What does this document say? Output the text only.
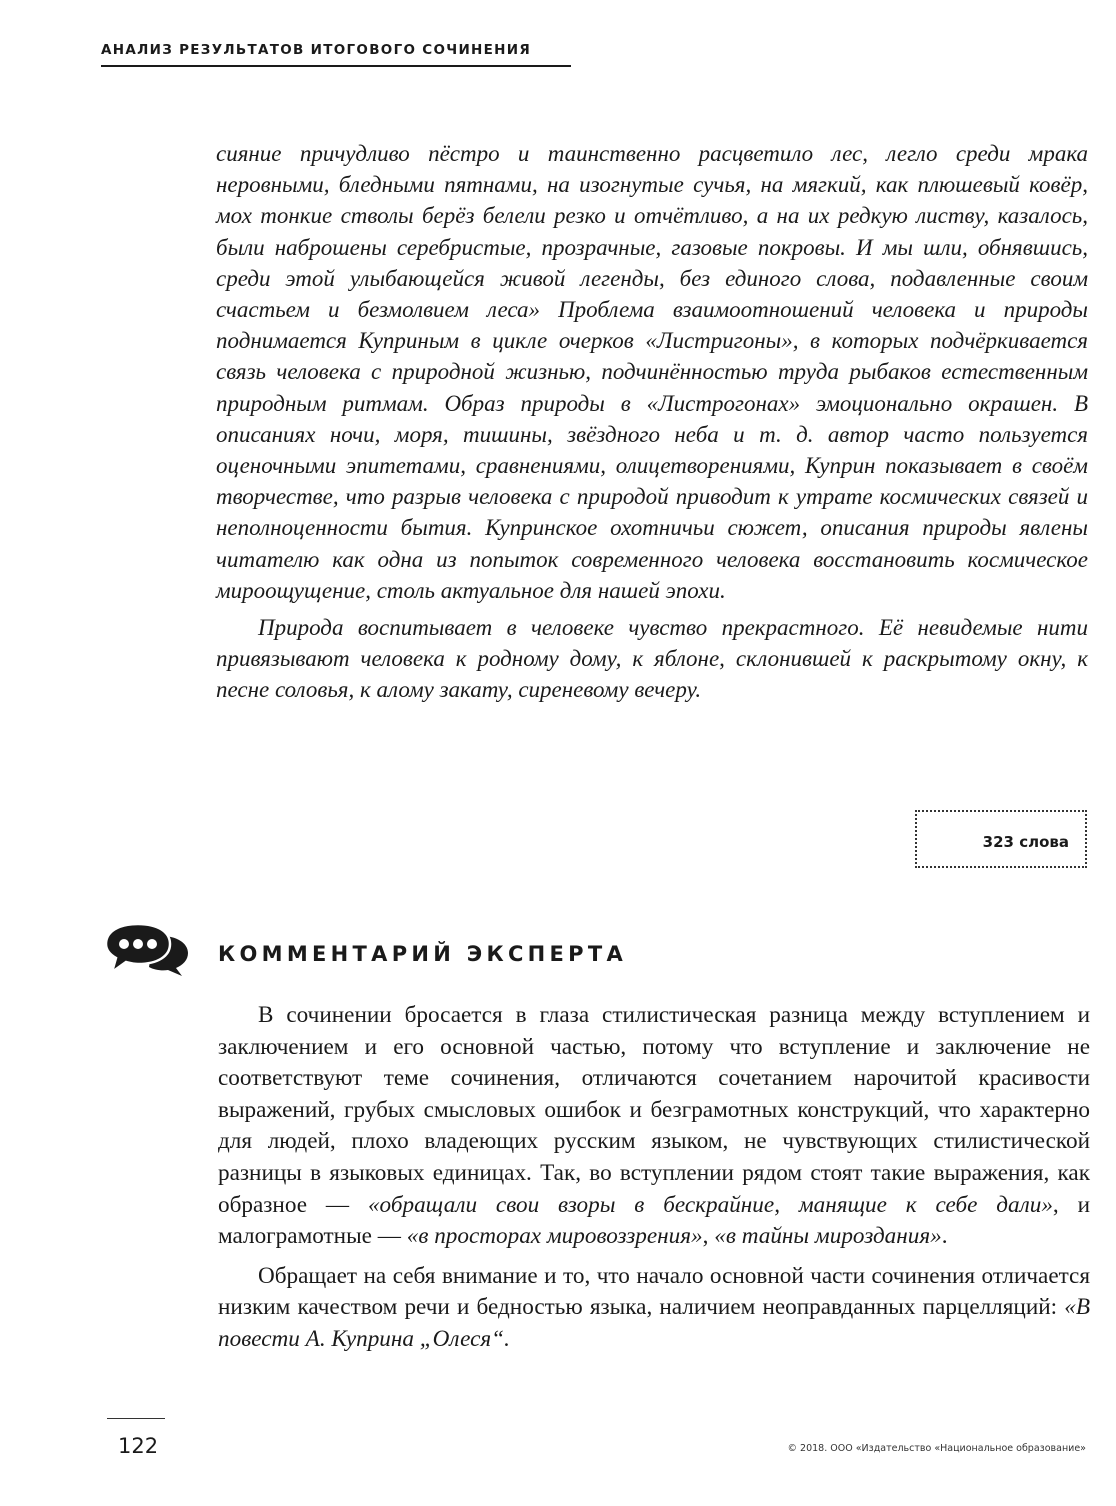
АНАЛИЗ РЕЗУЛЬТАТОВ ИТОГОВОГО СОЧИНЕНИЯ

сияние причудливо пёстро и таинственно расцветило лес, легло среди мрака неровными, бледными пятнами, на изогнутые сучья, на мягкий, как плюшевый ковёр, мох тонкие стволы берёз белели резко и отчётливо, а на их редкую листву, казалось, были наброшены серебристые, прозрачные, газовые покровы. И мы шли, обнявшись, среди этой улыбающейся живой легенды, без единого слова, подавленные своим счастьем и безмолвием леса» Проблема взаимоотношений человека и природы поднимается Куприным в цикле очерков «Листригоны», в которых подчёркивается связь человека с природной жизнью, подчинённостью труда рыбаков естественным природным ритмам. Образ природы в «Листрогонах» эмоционально окрашен. В описаниях ночи, моря, тишины, звёздного неба и т. д. автор часто пользуется оценочными эпитетами, сравнениями, олицетворениями, Куприн показывает в своём творчестве, что разрыв человека с природой приводит к утрате космических связей и неполноценности бытия. Купринское охотничьи сюжет, описания природы явлены читателю как одна из попыток современного человека восстановить космическое мироощущение, столь актуальное для нашей эпохи.

Природа воспитывает в человеке чувство прекрастного. Её невидемые нити привязывают человека к родному дому, к яблоне, склонившей к раскрытому окну, к песне соловья, к алому закату, сиреневому вечеру.

323 слова
КОММЕНТАРИЙ ЭКСПЕРТА

В сочинении бросается в глаза стилистическая разница между вступлением и заключением и его основной частью, потому что вступление и заключение не соответствуют теме сочинения, отличаются сочетанием нарочитой красивости выражений, грубых смысловых ошибок и безграмотных конструкций, что характерно для людей, плохо владеющих русским языком, не чувствующих стилистической разницы в языковых единицах. Так, во вступлении рядом стоят такие выражения, как образное — «обращали свои взоры в бескрайние, манящие к себе дали», и малограмотные — «в просторах мировоззрения», «в тайны мироздания».

Обращает на себя внимание и то, что начало основной части сочинения отличается низким качеством речи и бедностью языка, наличием неоправданных парцелляций: «В повести А. Куприна „Олеся“.

122	© 2018. ООО «Издательство «Национальное образование»
